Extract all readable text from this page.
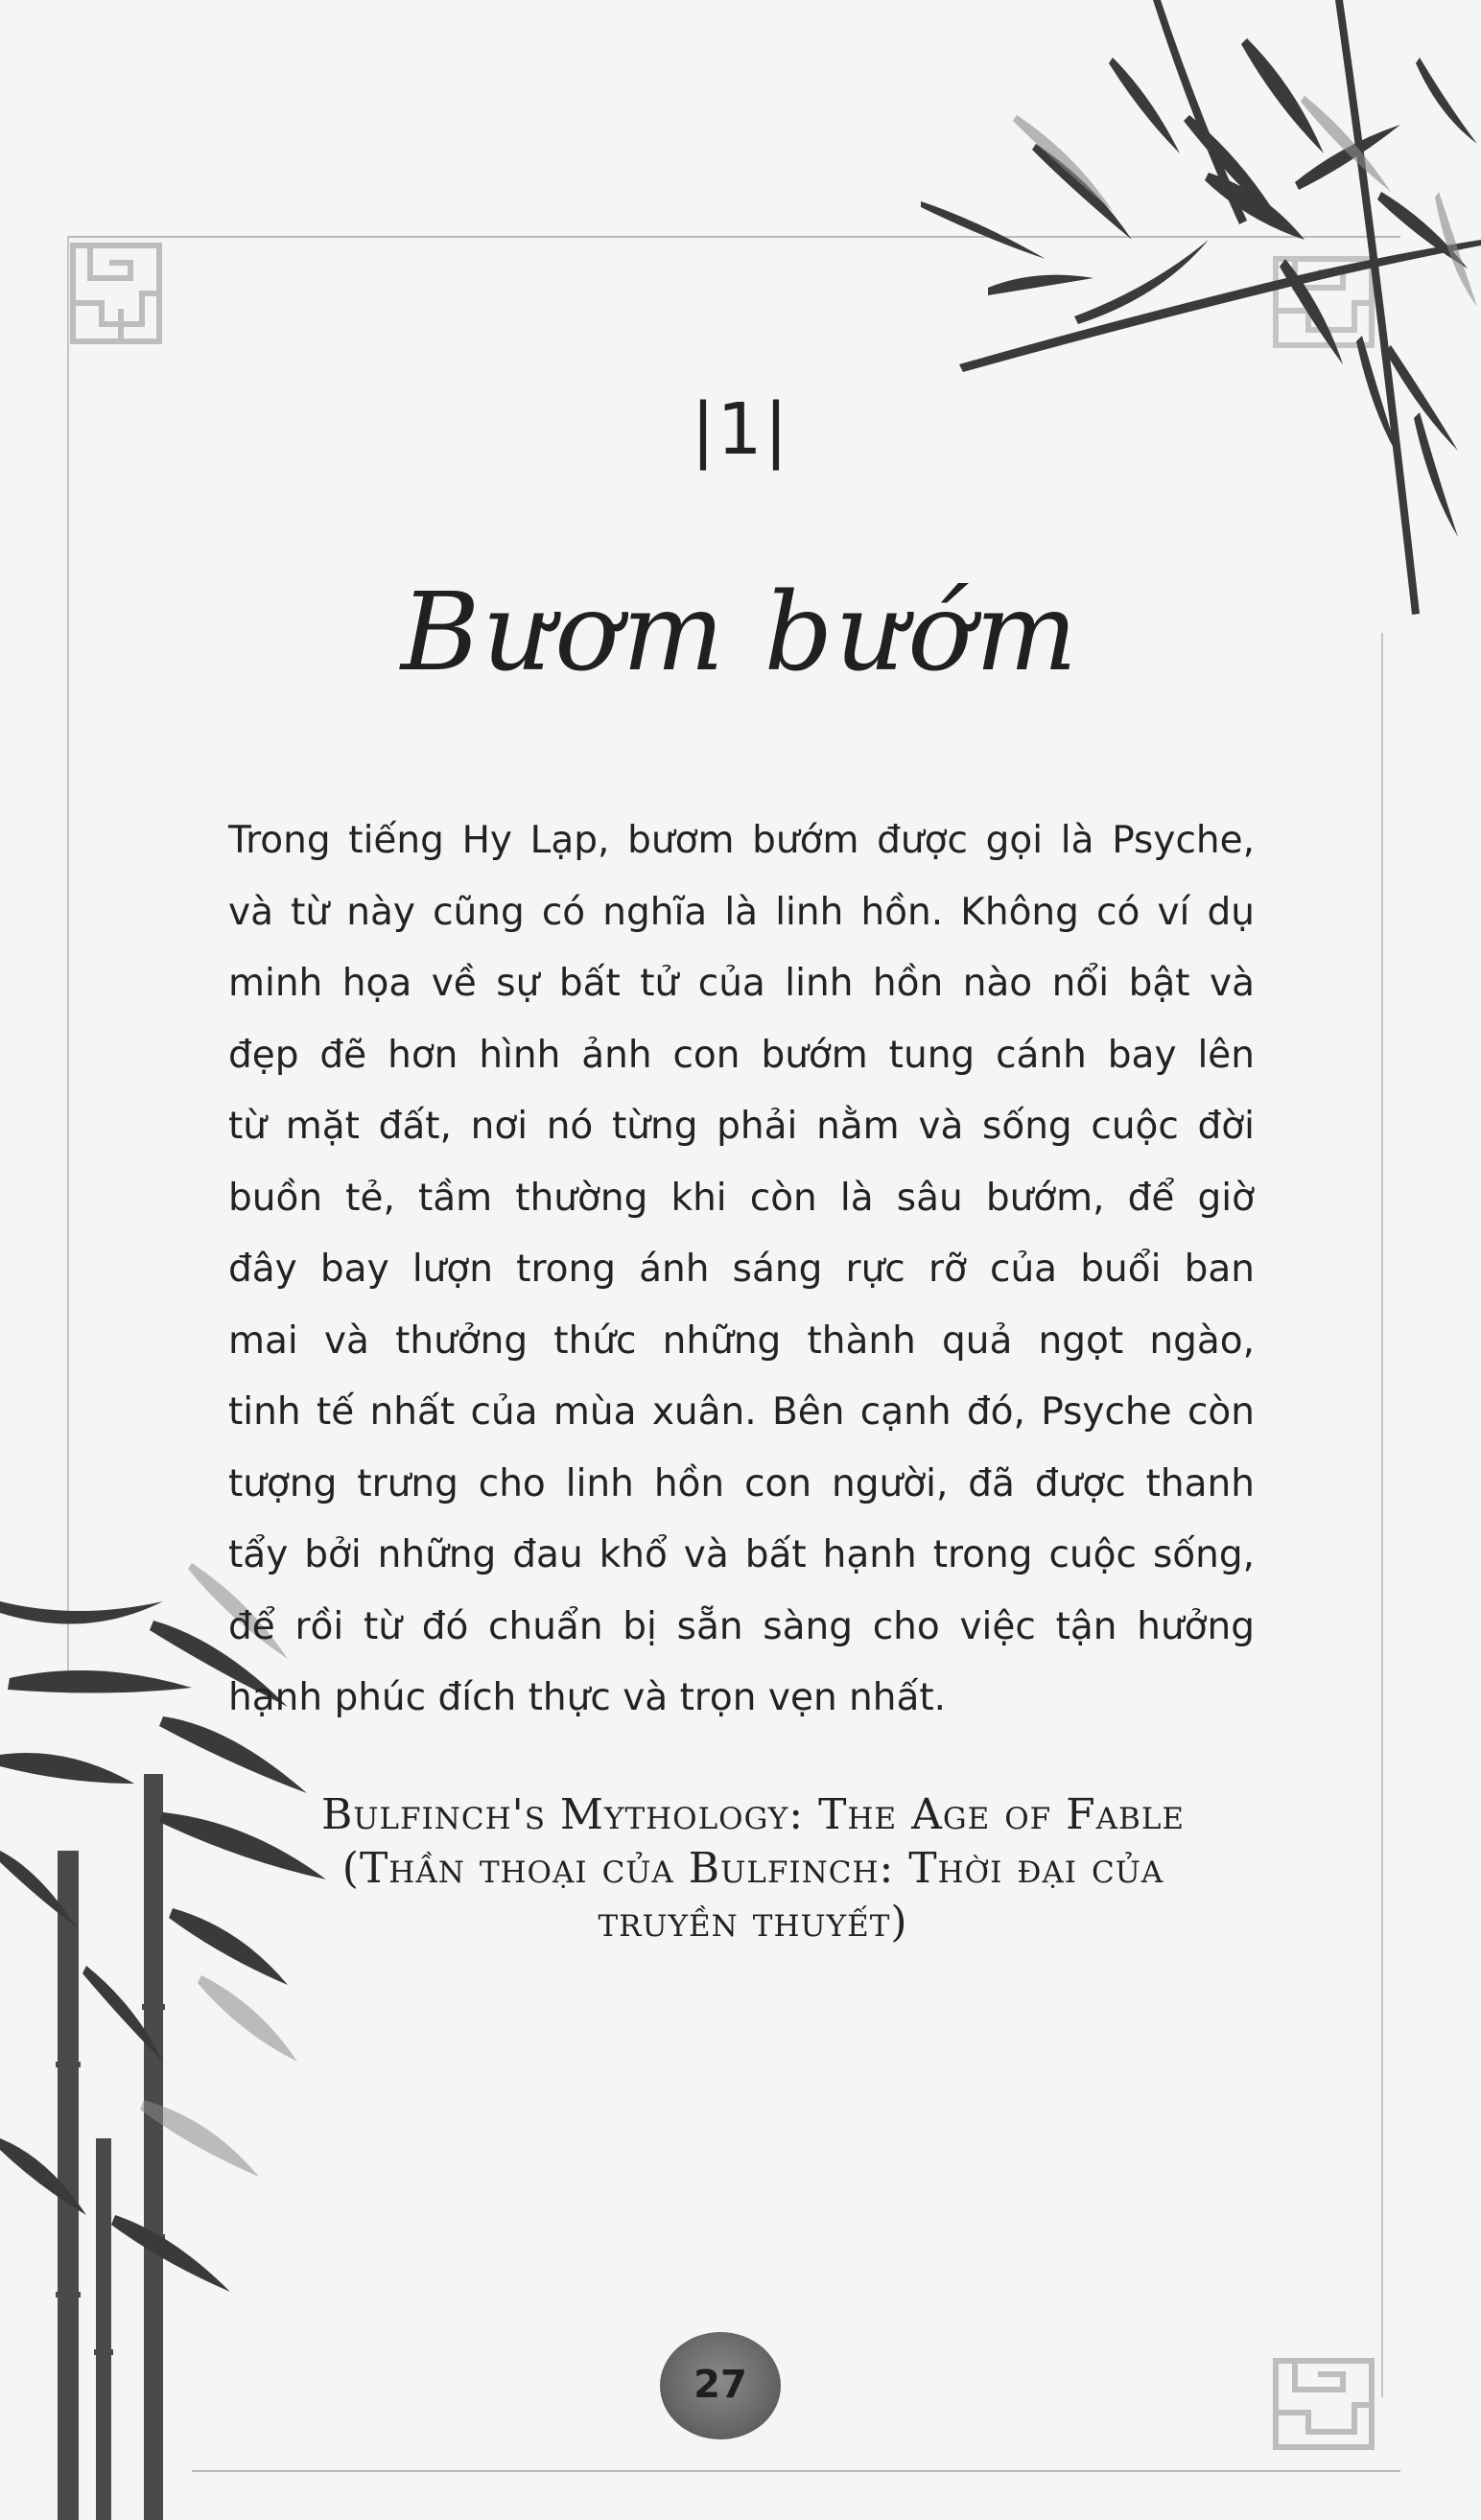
|1|
Bươm bướm
Trong tiếng Hy Lạp, bươm bướm được gọi là Psyche,
và từ này cũng có nghĩa là linh hồn. Không có ví dụ
minh họa về sự bất tử của linh hồn nào nổi bật và
đẹp đẽ hơn hình ảnh con bướm tung cánh bay lên
từ mặt đất, nơi nó từng phải nằm và sống cuộc đời
buồn tẻ, tầm thường khi còn là sâu bướm, để giờ
đây bay lượn trong ánh sáng rực rỡ của buổi ban
mai và thưởng thức những thành quả ngọt ngào,
tinh tế nhất của mùa xuân. Bên cạnh đó, Psyche còn
tượng trưng cho linh hồn con người, đã được thanh
tẩy bởi những đau khổ và bất hạnh trong cuộc sống,
để rồi từ đó chuẩn bị sẵn sàng cho việc tận hưởng
hạnh phúc đích thực và trọn vẹn nhất.
Bulfinch's Mythology: The Age of Fable
(Thần thoại của Bulfinch: Thời đại của
truyền thuyết)
27
